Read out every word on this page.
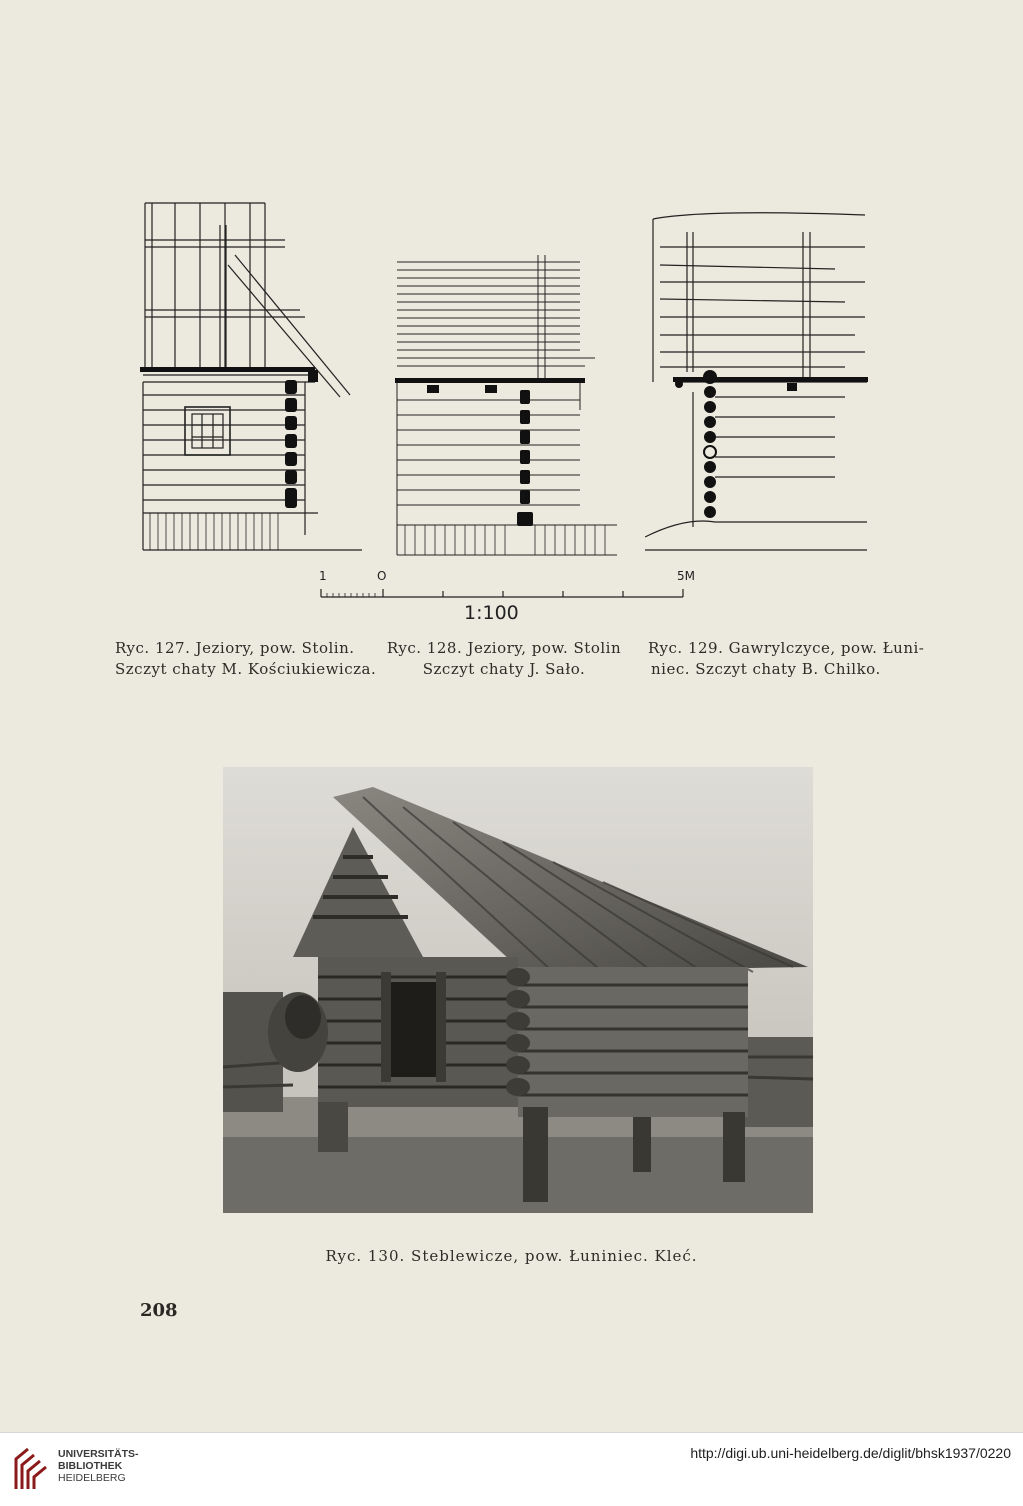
1	O	5M
1:100
Ryc. 127. Jeziory, pow. Stolin.
Szczyt chaty M. Kościukiewicza.
Ryc. 128. Jeziory, pow. Stolin
Szczyt chaty J. Sało.
Ryc. 129. Gawrylczyce, pow. Łuni-
niec. Szczyt chaty B. Chilko.
Ryc. 130. Steblewicze, pow. Łuniniec. Kleć.
208
UNIVERSITÄTS-
BIBLIOTHEK
HEIDELBERG
http://digi.ub.uni-heidelberg.de/diglit/bhsk1937/0220
